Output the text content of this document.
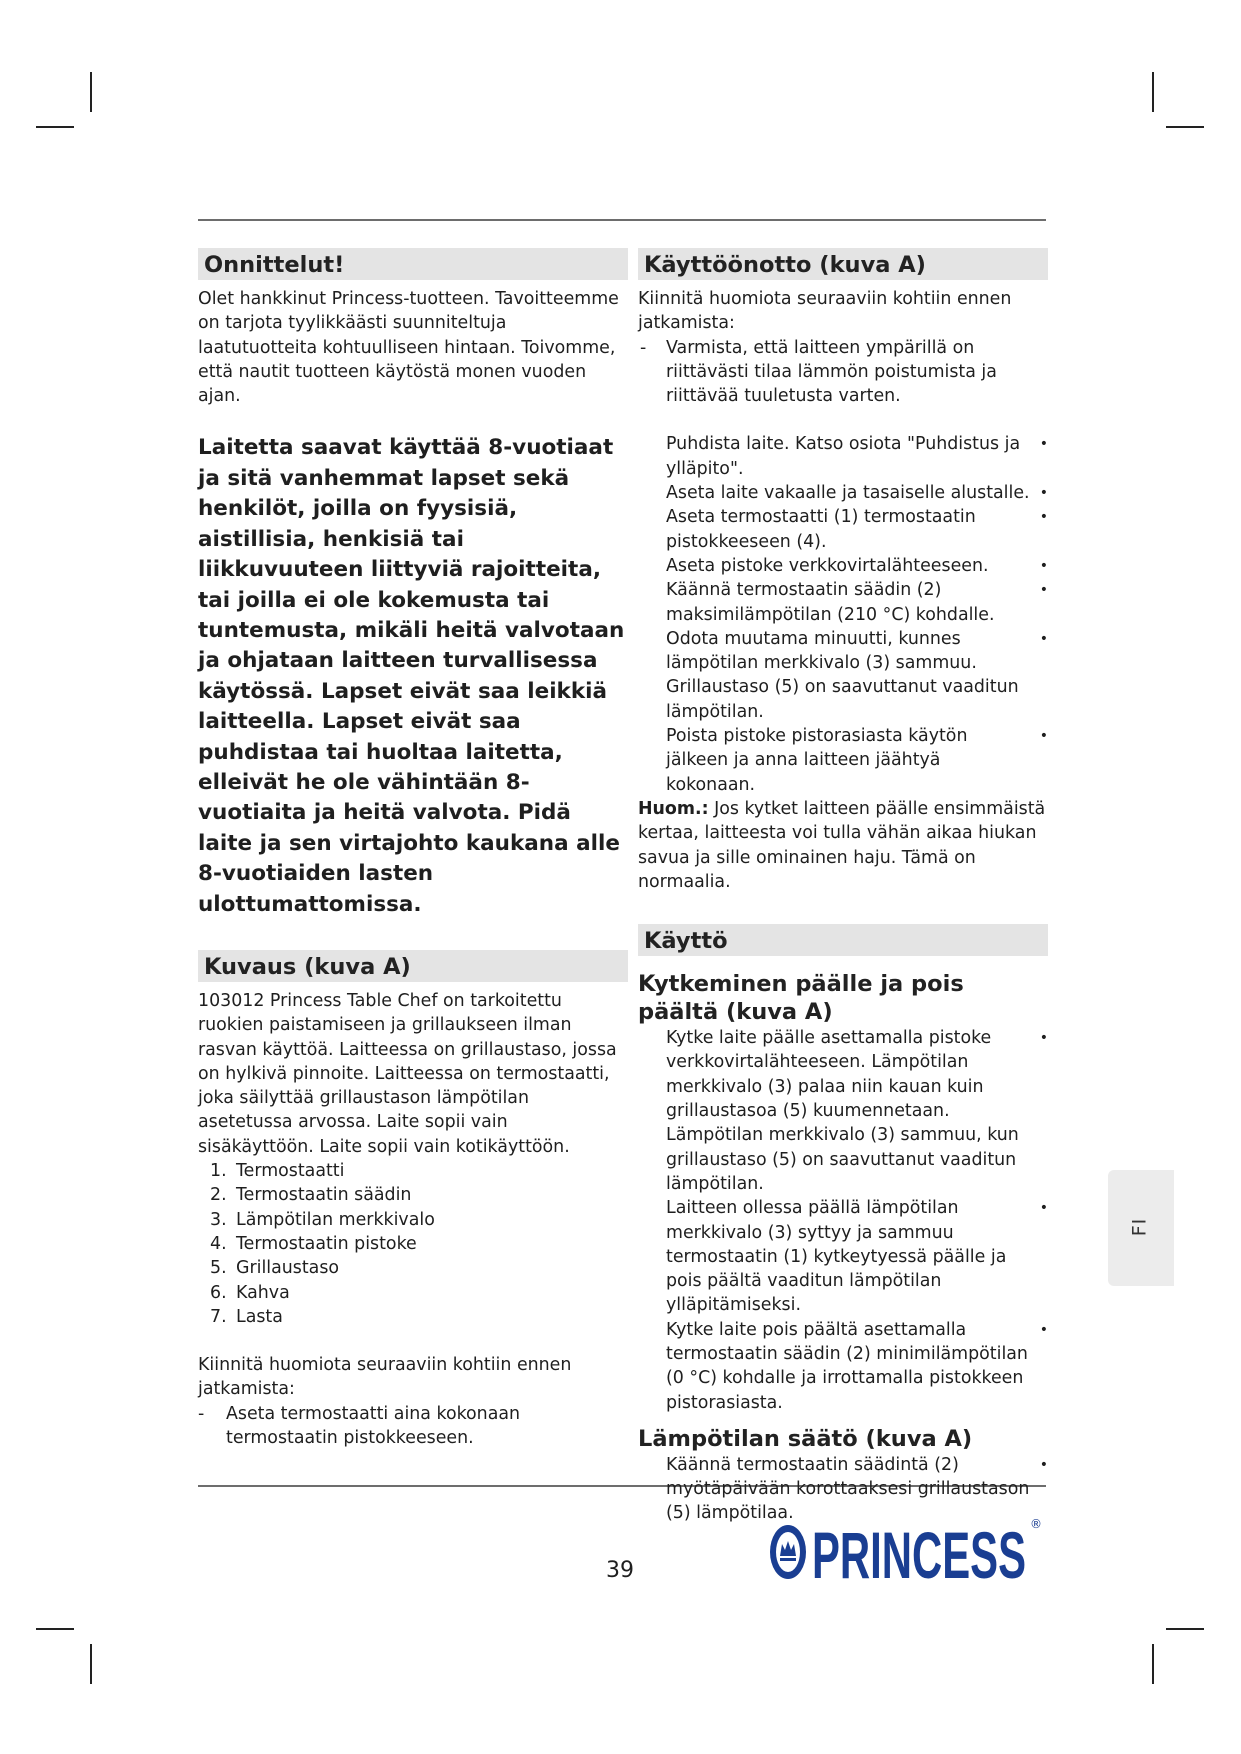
Onnittelut!

Olet hankkinut Princess-tuotteen. Tavoitteemme on tarjota tyylikkäästi suunniteltuja laatutuotteita kohtuulliseen hintaan. Toivomme, että nautit tuotteen käytöstä monen vuoden ajan.

Laitetta saavat käyttää 8-vuotiaat ja sitä vanhemmat lapset sekä henkilöt, joilla on fyysisiä, aistillisia, henkisiä tai liikkuvuuteen liittyviä rajoitteita, tai joilla ei ole kokemusta tai tuntemusta, mikäli heitä valvotaan ja ohjataan laitteen turvallisessa käytössä. Lapset eivät saa leikkiä laitteella. Lapset eivät saa puhdistaa tai huoltaa laitetta, elleivät he ole vähintään 8-vuotiaita ja heitä valvota. Pidä laite ja sen virtajohto kaukana alle 8-vuotiaiden lasten ulottumattomissa.

Kuvaus (kuva A)

103012 Princess Table Chef on tarkoitettu ruokien paistamiseen ja grillaukseen ilman rasvan käyttöä. Laitteessa on grillaustaso, jossa on hylkivä pinnoite. Laitteessa on termostaatti, joka säilyttää grillaustason lämpötilan asetetussa arvossa. Laite sopii vain sisäkäyttöön. Laite sopii vain kotikäyttöön.

1. Termostaatti
2. Termostaatin säädin
3. Lämpötilan merkkivalo
4. Termostaatin pistoke
5. Grillaustaso
6. Kahva
7. Lasta

Kiinnitä huomiota seuraaviin kohtiin ennen jatkamista:

- Aseta termostaatti aina kokonaan termostaatin pistokkeeseen.
Käyttöönotto (kuva A)

Kiinnitä huomiota seuraaviin kohtiin ennen jatkamista:

- Varmista, että laitteen ympärillä on riittävästi tilaa lämmön poistumista ja riittävää tuuletusta varten.
Puhdista laite. Katso osiota "Puhdistus ja ylläpito".
•
Aseta laite vakaalle ja tasaiselle alustalle. •
Aseta termostaatti (1) termostaatin pistokkeeseen (4).
•
Aseta pistoke verkkovirtalähteeseen.	•
Käännä termostaatin säädin (2) maksimilämpötilan (210 °C) kohdalle.
•
Odota muutama minuutti, kunnes lämpötilan merkkivalo (3) sammuu. Grillaustaso (5) on saavuttanut vaaditun lämpötilan.
•
Poista pistoke pistorasiasta käytön jälkeen ja anna laitteen jäähtyä kokonaan.
•

Huom.: Jos kytket laitteen päälle ensimmäistä kertaa, laitteesta voi tulla vähän aikaa hiukan savua ja sille ominainen haju. Tämä on normaalia.

Käyttö

Kytkeminen päälle ja pois päältä (kuva A)

Kytke laite päälle asettamalla pistoke verkkovirtalähteeseen. Lämpötilan merkkivalo (3) palaa niin kauan kuin grillaustasoa (5) kuumennetaan. Lämpötilan merkkivalo (3) sammuu, kun grillaustaso (5) on saavuttanut vaaditun lämpötilan.
•
Laitteen ollessa päällä lämpötilan merkkivalo (3) syttyy ja sammuu termostaatin (1) kytkeytyessä päälle ja pois päältä vaaditun lämpötilan ylläpitämiseksi.
•
Kytke laite pois päältä asettamalla termostaatin säädin (2) minimilämpötilan (0 °C) kohdalle ja irrottamalla pistokkeen pistorasiasta.
•

Lämpötilan säätö (kuva A)

Käännä termostaatin säädintä (2) myötäpäivään korottaaksesi grillaustason (5) lämpötilaa.
•
FI
39	PRINCESS ®
